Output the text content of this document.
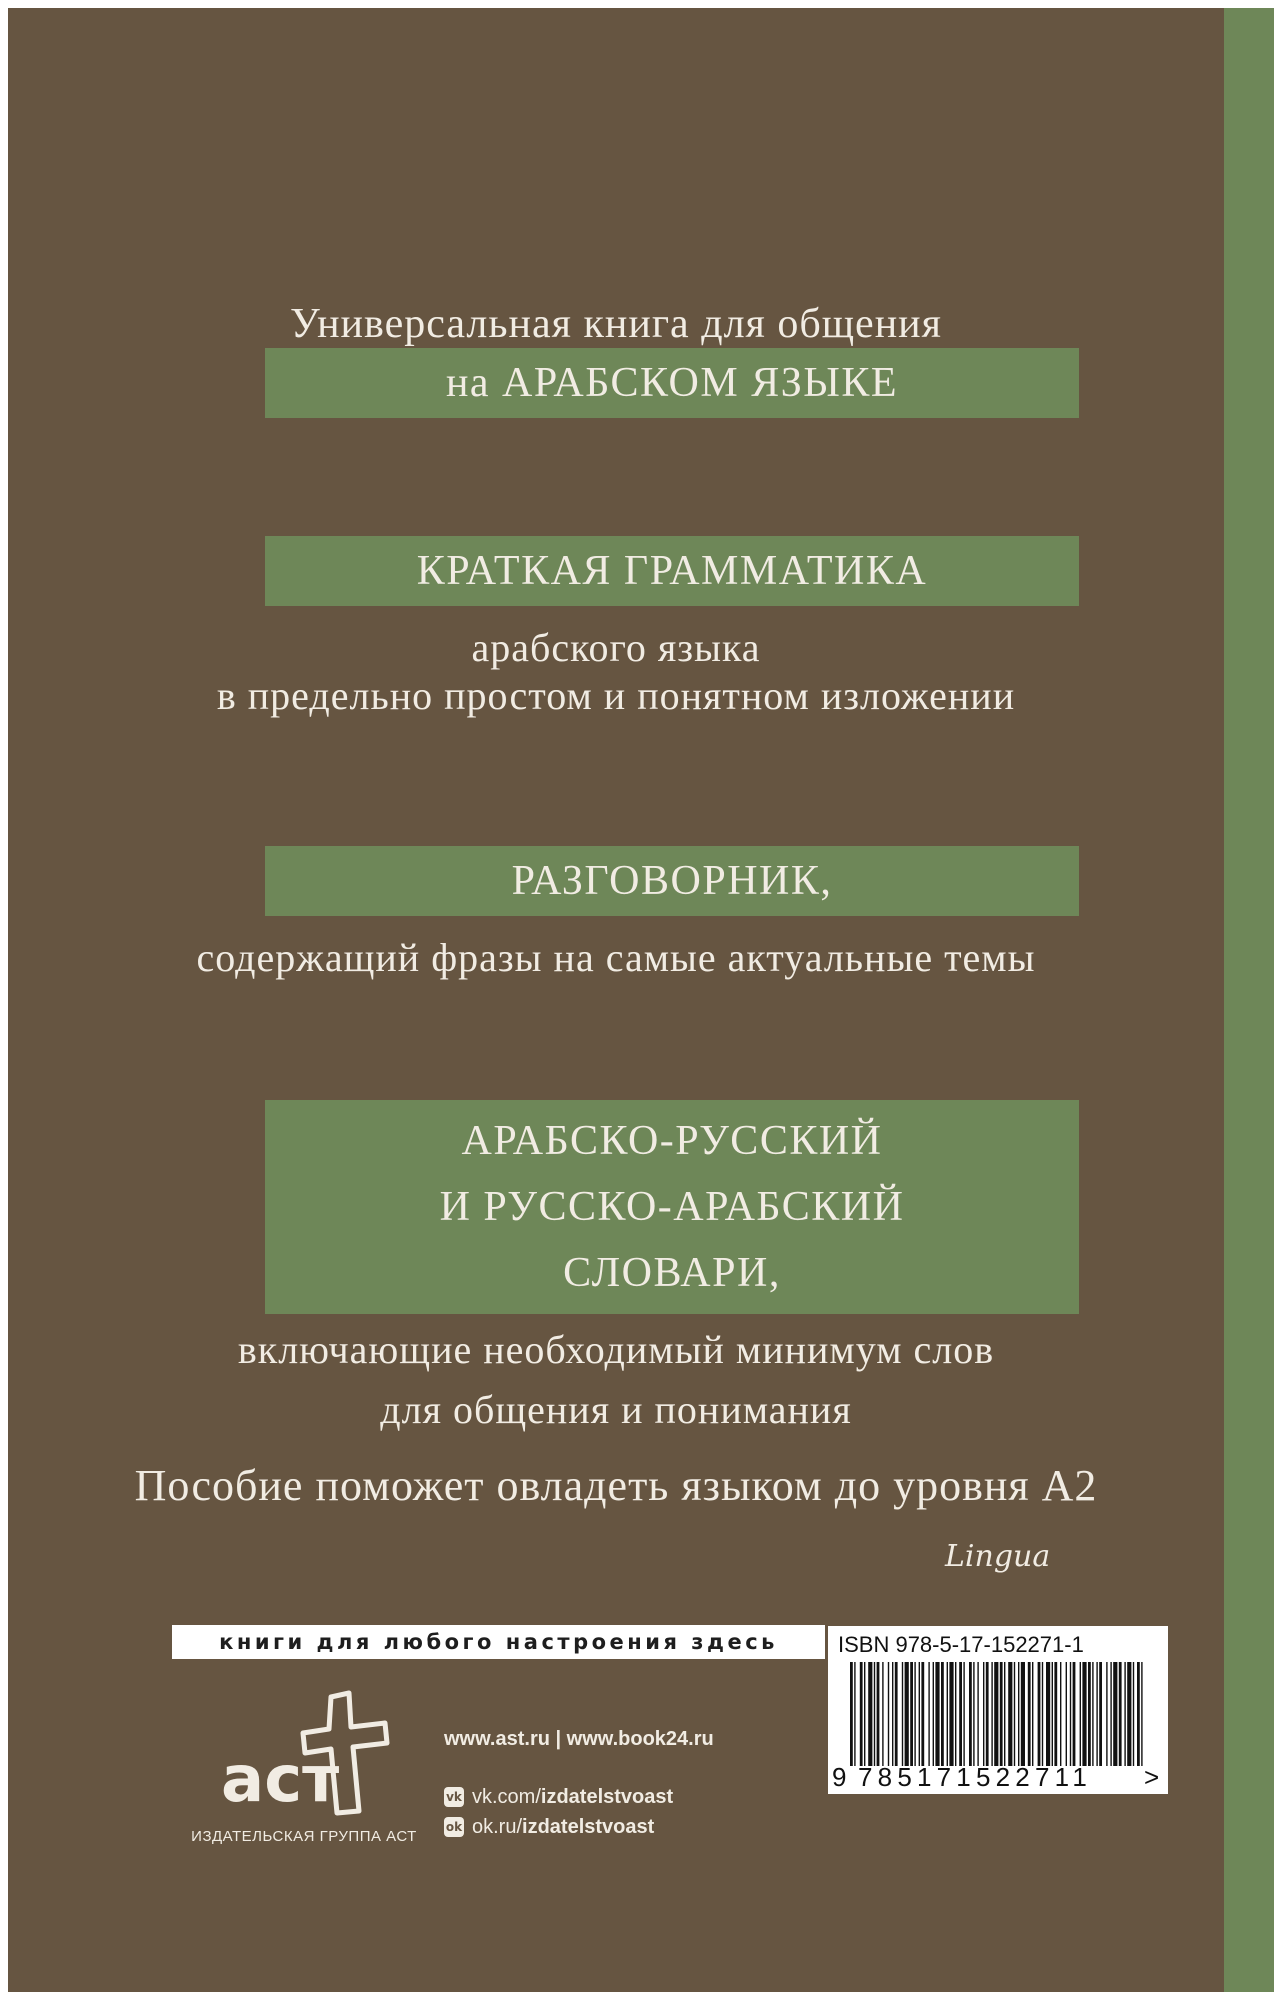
Универсальная книга для общения
на АРАБСКОМ ЯЗЫКЕ
КРАТКАЯ ГРАММАТИКА
арабского языка
в предельно простом и понятном изложении
РАЗГОВОРНИК,
содержащий фразы на самые актуальные темы
АРАБСКО-РУССКИЙ
И РУССКО-АРАБСКИЙ
СЛОВАРИ,
включающие необходимый минимум слов
для общения и понимания
Пособие поможет овладеть языком до уровня А2
Lingua
книги для любого настроения здесь
аст
ИЗДАТЕЛЬСКАЯ ГРУППА АСТ
www.ast.ru | www.book24.ru
vk vk.com/ izdatelstvoast
ok ok.ru/ izdatelstvoast
ISBN 978-5-17-152271-1
9 785171522711 >
